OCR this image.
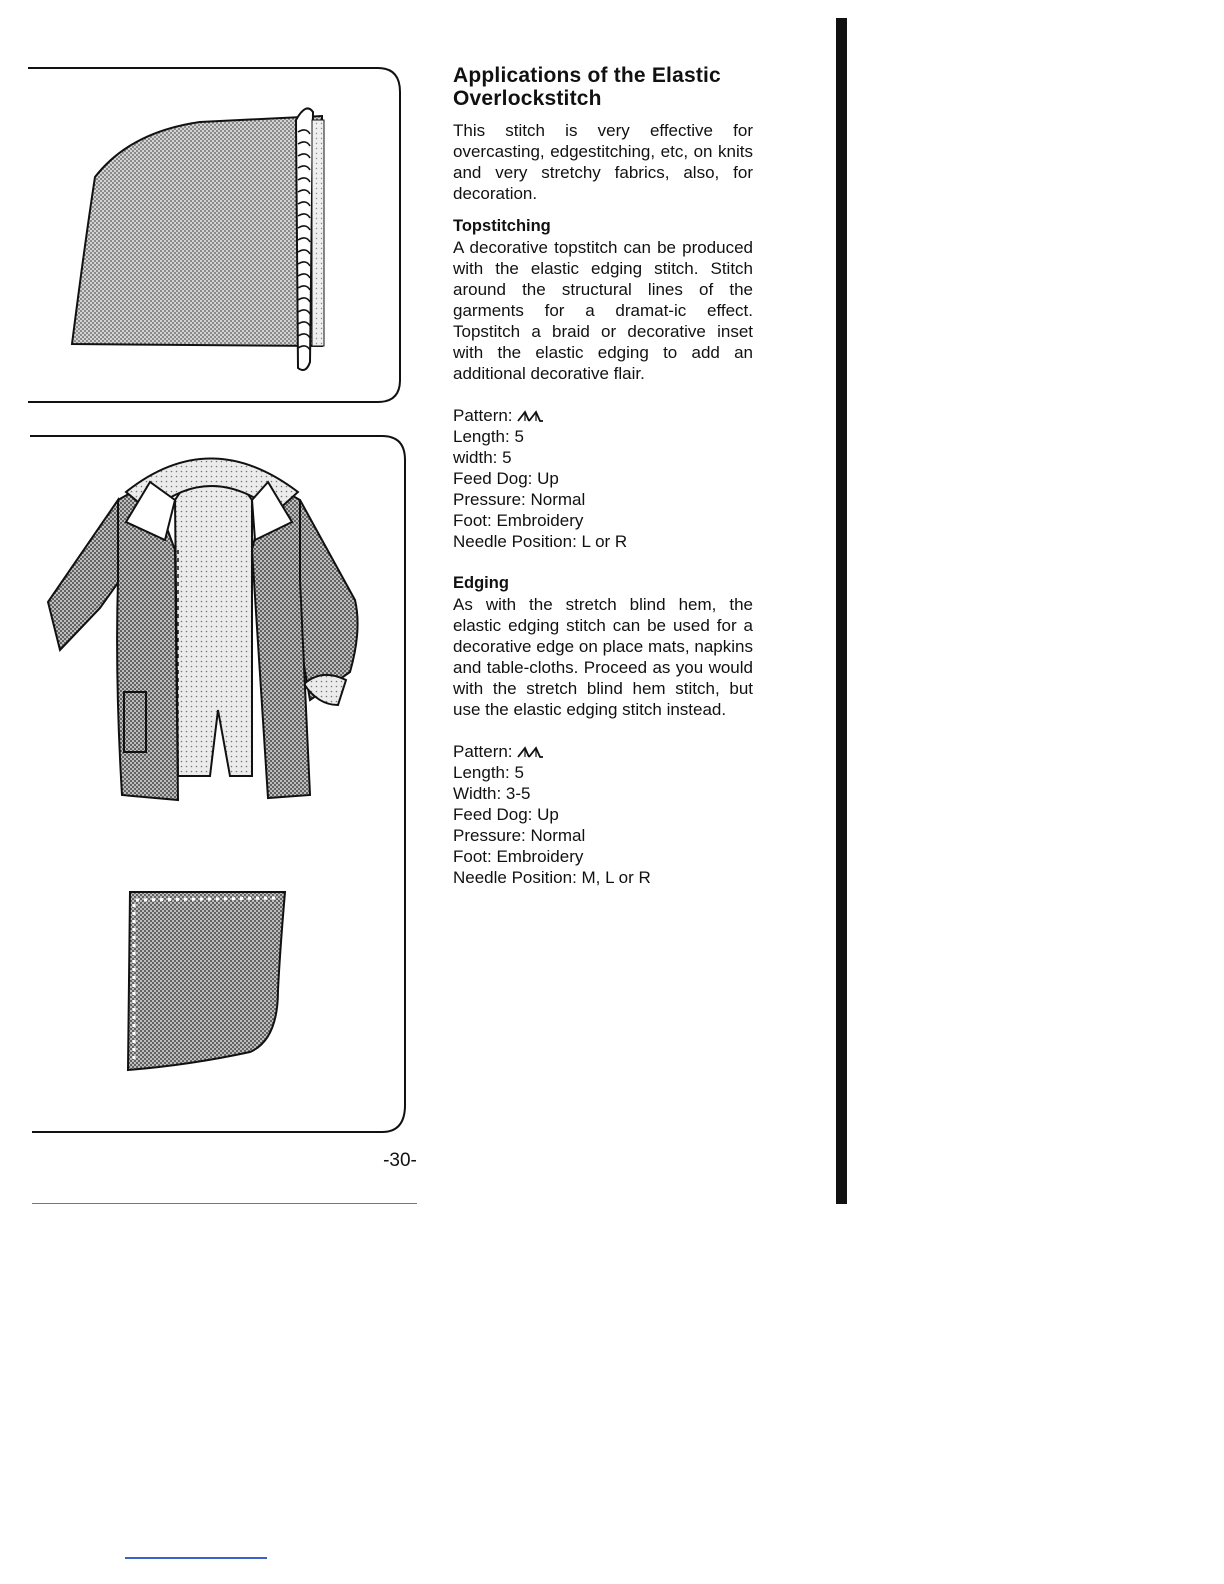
Applications of the Elastic Overlockstitch

This stitch is very effective for overcasting, edgestitching, etc, on knits and very stretchy fabrics, also, for decoration.

Topstitching

A decorative topstitch can be produced with the elastic edging stitch. Stitch around the structural lines of the garments for a dramat-ic effect. Topstitch a braid or decorative inset with the elastic edging to add an additional decorative flair.

Pattern:
Length: 5
width: 5
Feed Dog: Up
Pressure: Normal
Foot: Embroidery
Needle Position: L or R
Edging

As with the stretch blind hem, the elastic edging stitch can be used for a decorative edge on place mats, napkins and table-cloths. Proceed as you would with the stretch blind hem stitch, but use the elastic edging stitch instead.

Pattern:
Length: 5
Width: 3-5
Feed Dog: Up
Pressure: Normal
Foot: Embroidery
Needle Position: M, L or R
-30-
